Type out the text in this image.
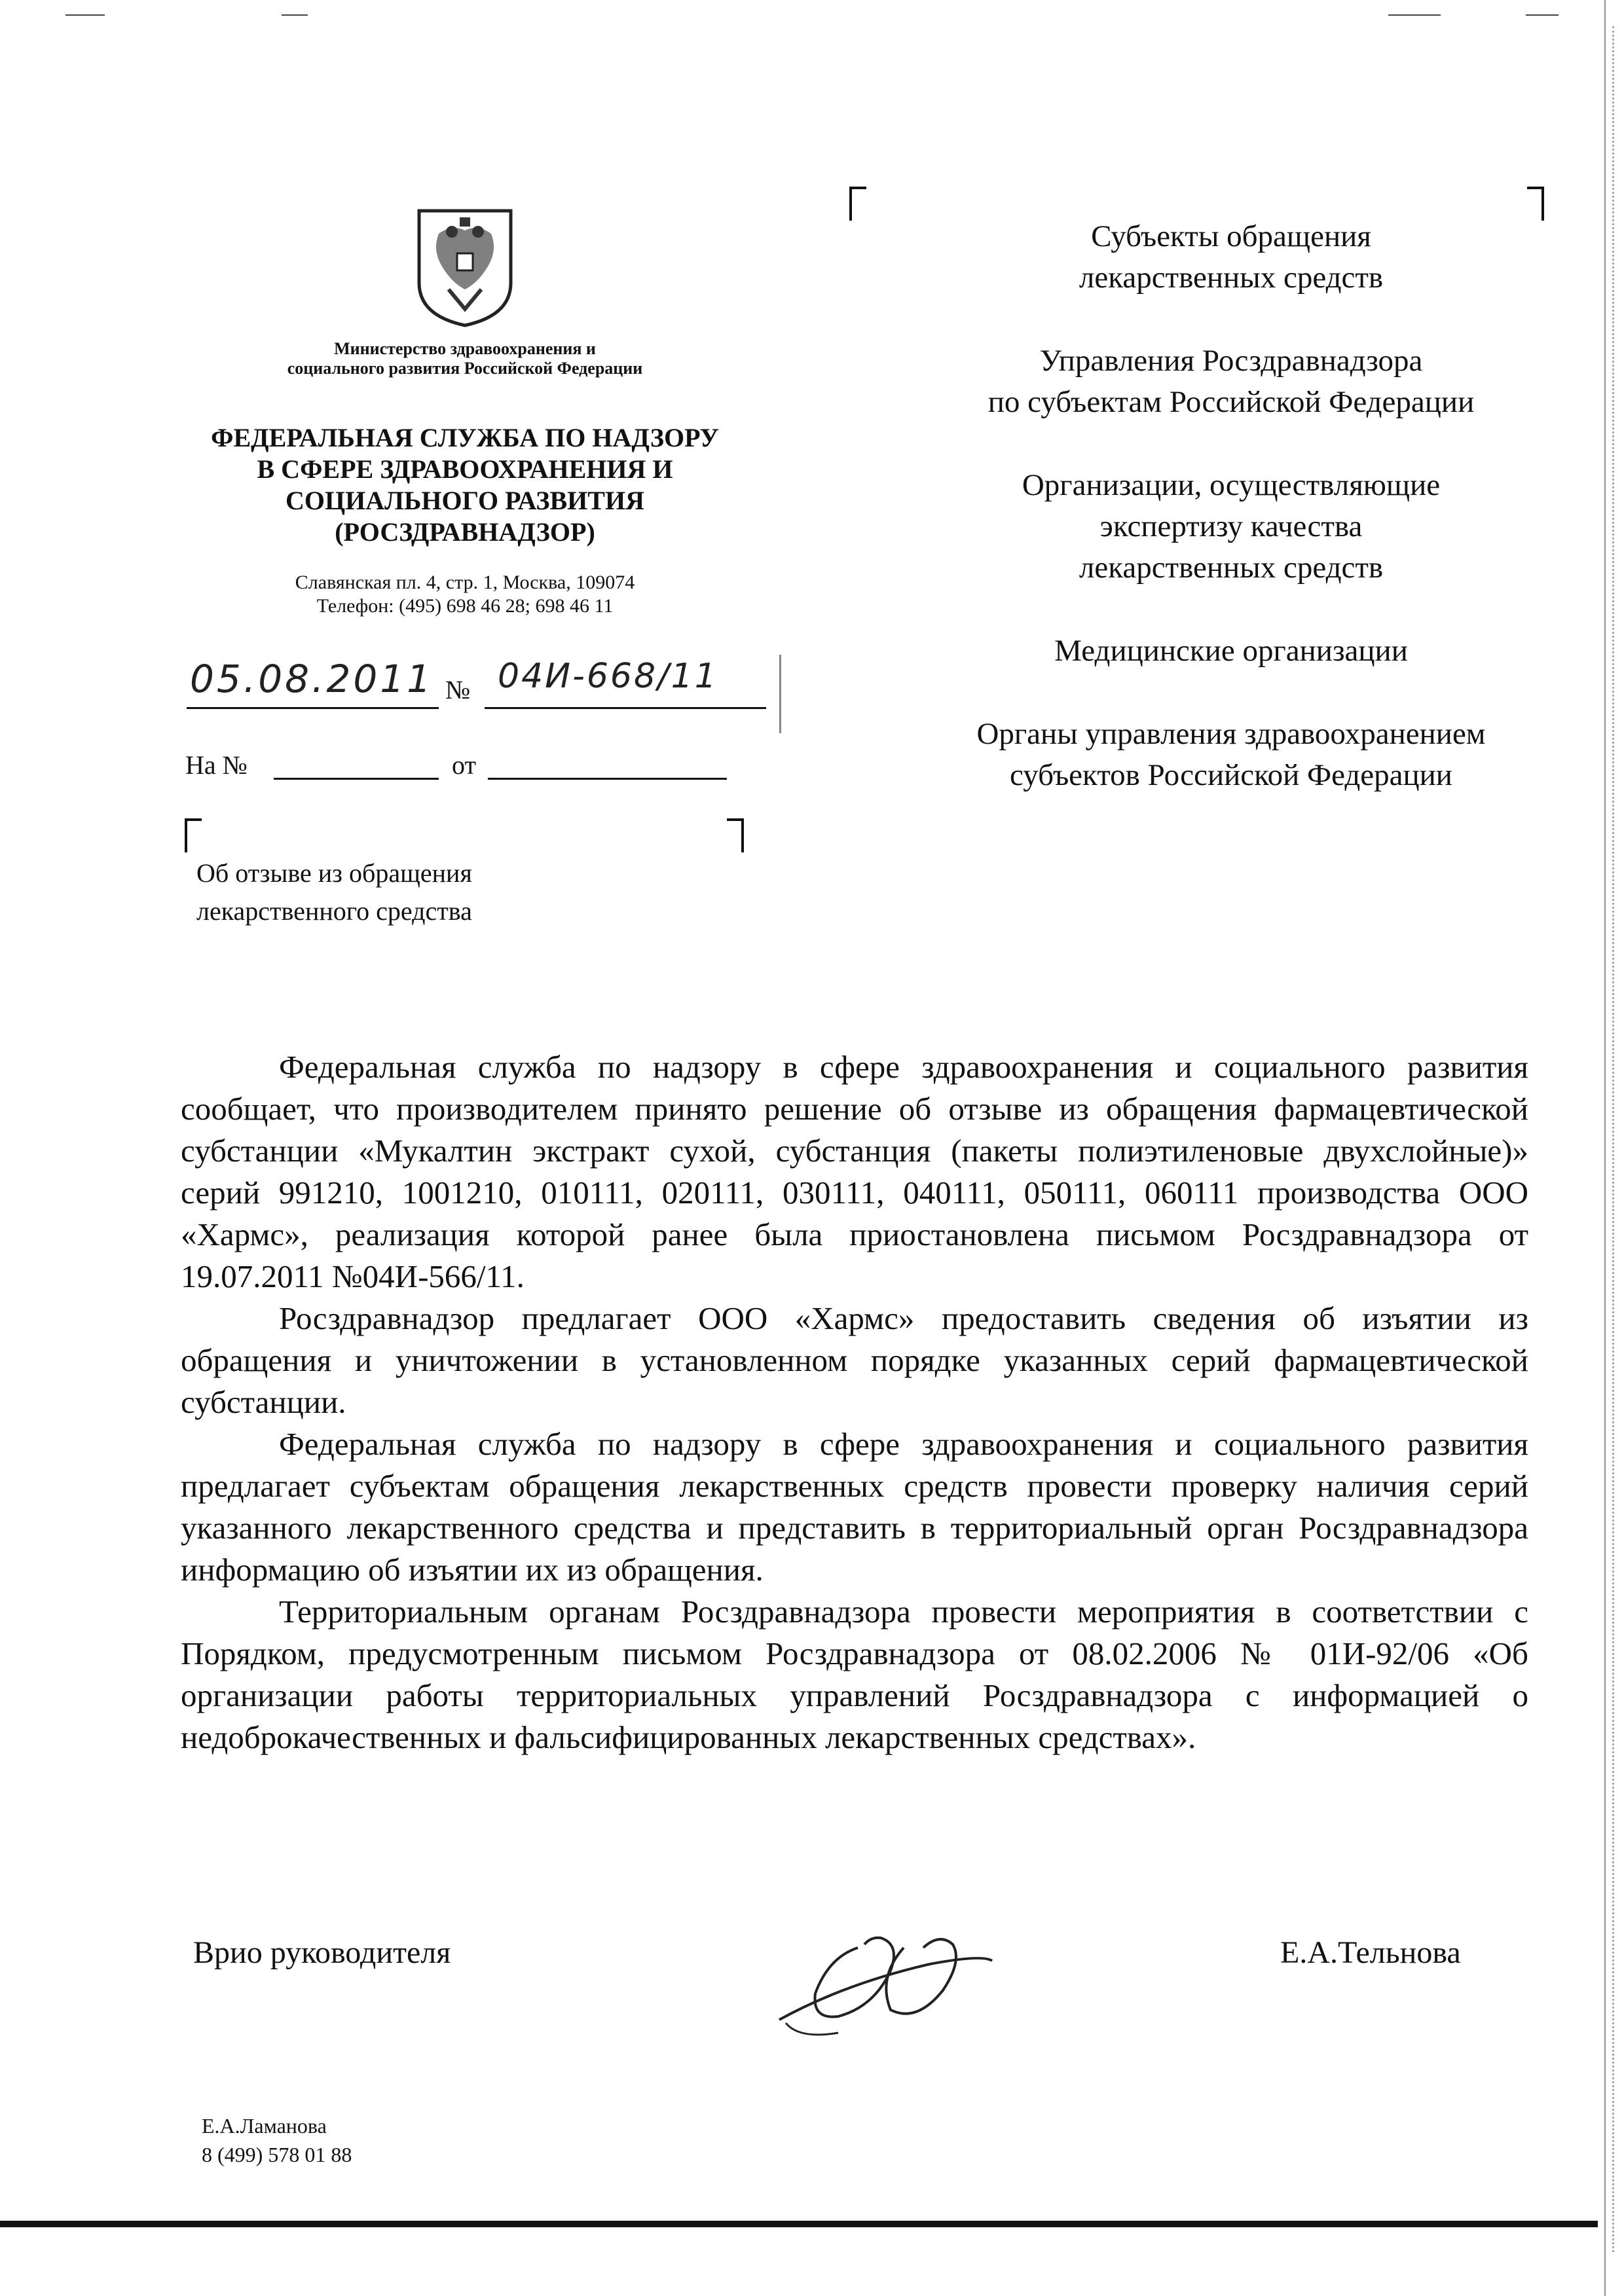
Министерство здравоохранения и
социального развития Российской Федерации
ФЕДЕРАЛЬНАЯ СЛУЖБА ПО НАДЗОРУ
В СФЕРЕ ЗДРАВООХРАНЕНИЯ И
СОЦИАЛЬНОГО РАЗВИТИЯ
(РОСЗДРАВНАДЗОР)
Славянская пл. 4, стр. 1, Москва, 109074
Телефон: (495) 698 46 28; 698 46 11
05.08.2011 № 04И-668/11
На №	от
Об отзыве из обращения
лекарственного средства

Субъекты обращения
лекарственных средств

Управления Росздравнадзора
по субъектам Российской Федерации

Организации, осуществляющие
экспертизу качества
лекарственных средств

Медицинские организации

Органы управления здравоохранением
субъектов Российской Федерации

Федеральная служба по надзору в сфере здравоохранения и социального развития сообщает, что производителем принято решение об отзыве из обращения фармацевтической субстанции «Мукалтин экстракт сухой, субстанция (пакеты полиэтиленовые двухслойные)» серий 991210, 1001210, 010111, 020111, 030111, 040111, 050111, 060111 производства ООО «Хармс», реализация которой ранее была приостановлена письмом Росздравнадзора от 19.07.2011 №04И-566/11.

Росздравнадзор предлагает ООО «Хармс» предоставить сведения об изъятии из обращения и уничтожении в установленном порядке указанных серий фармацевтической субстанции.

Федеральная служба по надзору в сфере здравоохранения и социального развития предлагает субъектам обращения лекарственных средств провести проверку наличия серий указанного лекарственного средства и представить в территориальный орган Росздравнадзора информацию об изъятии их из обращения.

Территориальным органам Росздравнадзора провести мероприятия в соответствии с Порядком, предусмотренным письмом Росздравнадзора от 08.02.2006 № 01И-92/06 «Об организации работы территориальных управлений Росздравнадзора с информацией о недоброкачественных и фальсифицированных лекарственных средствах».

Врио руководителя	Е.А.Тельнова
Е.А.Ламанова
8 (499) 578 01 88
